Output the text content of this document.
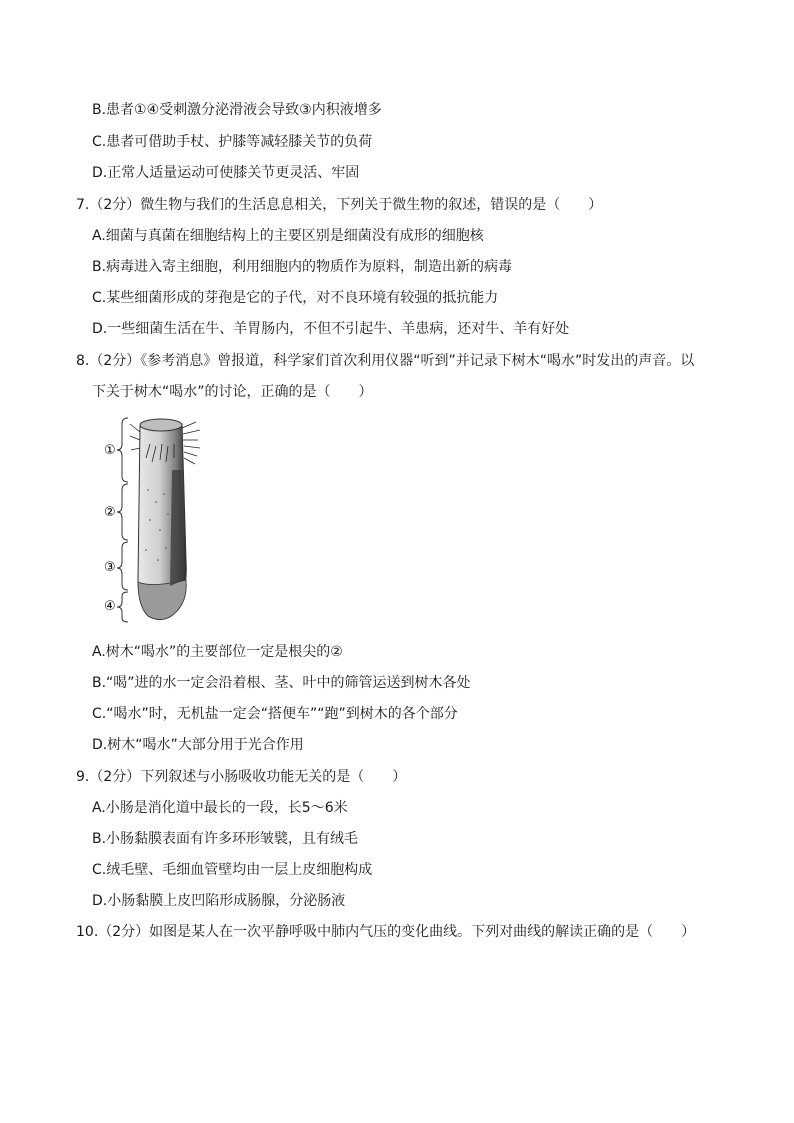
B.患者①④受刺激分泌滑液会导致③内积液增多
C.患者可借助手杖、护膝等减轻膝关节的负荷
D.正常人适量运动可使膝关节更灵活、牢固
7.（2分）微生物与我们的生活息息相关，下列关于微生物的叙述，错误的是（　　）
A.细菌与真菌在细胞结构上的主要区别是细菌没有成形的细胞核
B.病毒进入寄主细胞，利用细胞内的物质作为原料，制造出新的病毒
C.某些细菌形成的芽孢是它的子代，对不良环境有较强的抵抗能力
D.一些细菌生活在牛、羊胃肠内，不但不引起牛、羊患病，还对牛、羊有好处
8.（2分）《参考消息》曾报道，科学家们首次利用仪器“听到”并记录下树木“喝水”时发出的声音。以
下关于树木“喝水”的讨论，正确的是（　　）
①
②
③
④
A.树木“喝水”的主要部位一定是根尖的②
B.“喝”进的水一定会沿着根、茎、叶中的筛管运送到树木各处
C.“喝水”时，无机盐一定会“搭便车”“跑”到树木的各个部分
D.树木“喝水”大部分用于光合作用
9.（2分）下列叙述与小肠吸收功能无关的是（　　）
A.小肠是消化道中最长的一段，长5～6米
B.小肠黏膜表面有许多环形皱襞，且有绒毛
C.绒毛壁、毛细血管壁均由一层上皮细胞构成
D.小肠黏膜上皮凹陷形成肠腺，分泌肠液
10.（2分）如图是某人在一次平静呼吸中肺内气压的变化曲线。下列对曲线的解读正确的是（　　）
